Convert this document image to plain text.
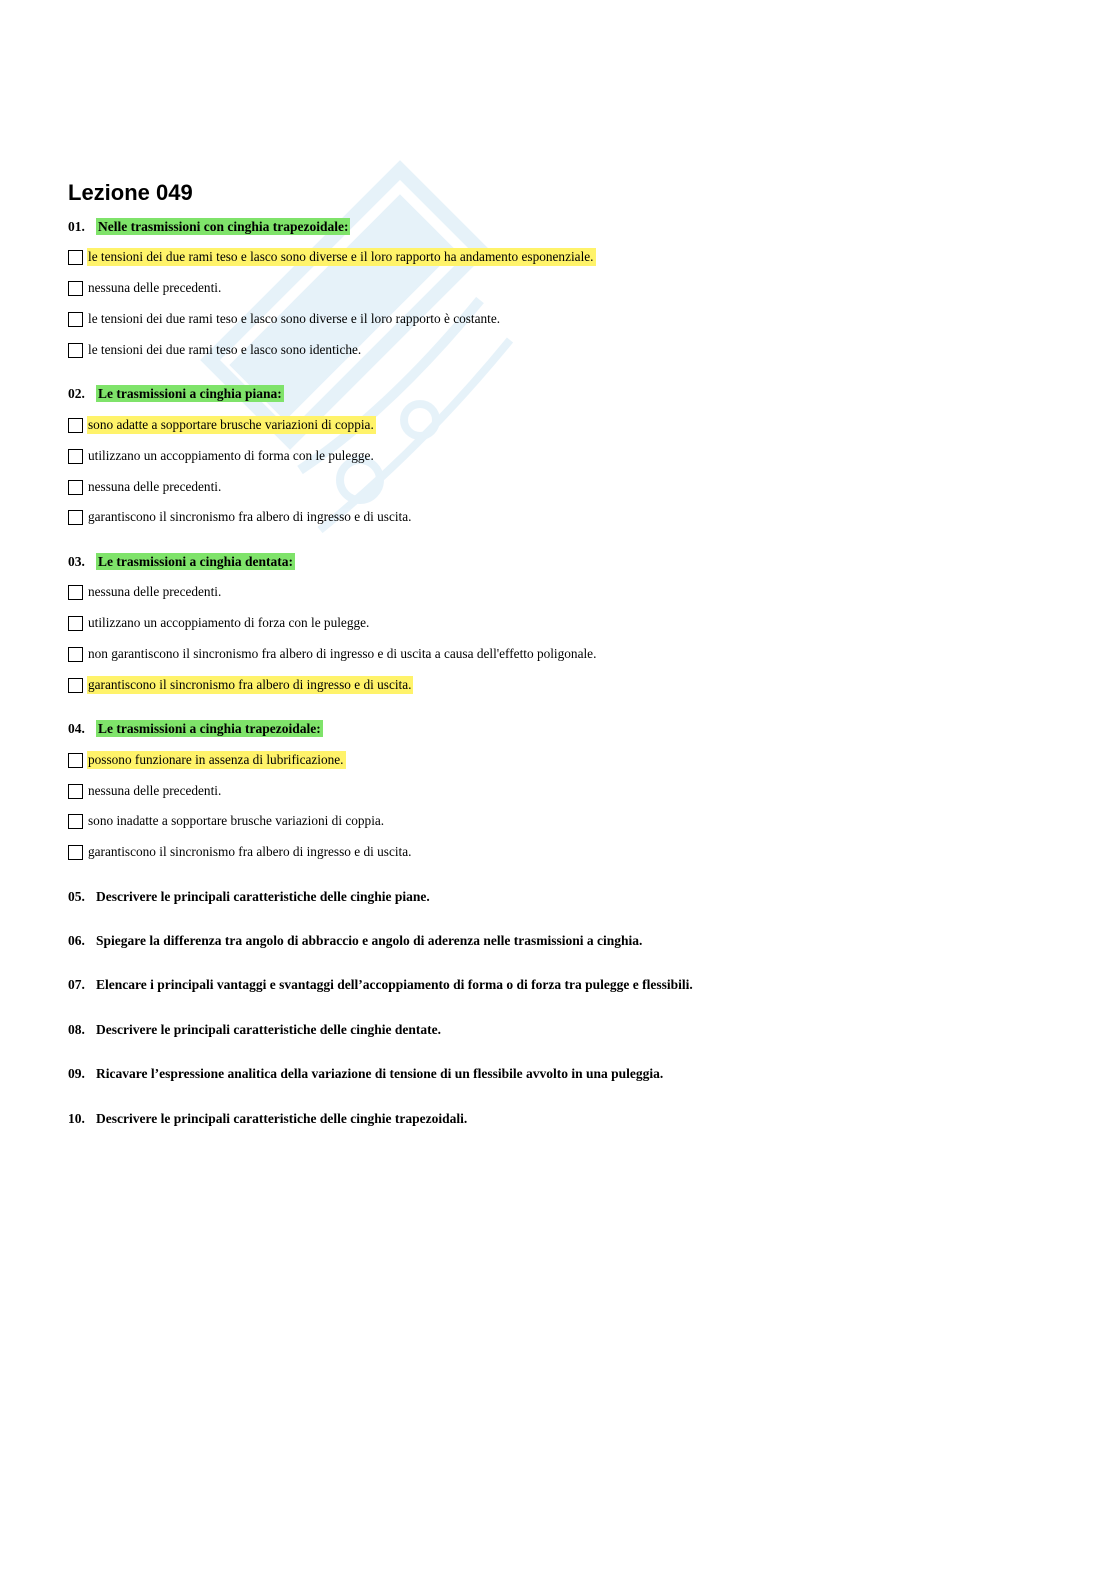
Lezione 049
01. Nelle trasmissioni con cinghia trapezoidale:
le tensioni dei due rami teso e lasco sono diverse e il loro rapporto ha andamento esponenziale.
nessuna delle precedenti.
le tensioni dei due rami teso e lasco sono diverse e il loro rapporto è costante.
le tensioni dei due rami teso e lasco sono identiche.
02. Le trasmissioni a cinghia piana:
sono adatte a sopportare brusche variazioni di coppia.
utilizzano un accoppiamento di forma con le pulegge.
nessuna delle precedenti.
garantiscono il sincronismo fra albero di ingresso e di uscita.
03. Le trasmissioni a cinghia dentata:
nessuna delle precedenti.
utilizzano un accoppiamento di forza con le pulegge.
non garantiscono il sincronismo fra albero di ingresso e di uscita a causa dell'effetto poligonale.
garantiscono il sincronismo fra albero di ingresso e di uscita.
04. Le trasmissioni a cinghia trapezoidale:
possono funzionare in assenza di lubrificazione.
nessuna delle precedenti.
sono inadatte a sopportare brusche variazioni di coppia.
garantiscono il sincronismo fra albero di ingresso e di uscita.
05. Descrivere le principali caratteristiche delle cinghie piane.
06. Spiegare la differenza tra angolo di abbraccio e angolo di aderenza nelle trasmissioni a cinghia.
07. Elencare i principali vantaggi e svantaggi dell’accoppiamento di forma o di forza tra pulegge e flessibili.
08. Descrivere le principali caratteristiche delle cinghie dentate.
09. Ricavare l’espressione analitica della variazione di tensione di un flessibile avvolto in una puleggia.
10. Descrivere le principali caratteristiche delle cinghie trapezoidali.
